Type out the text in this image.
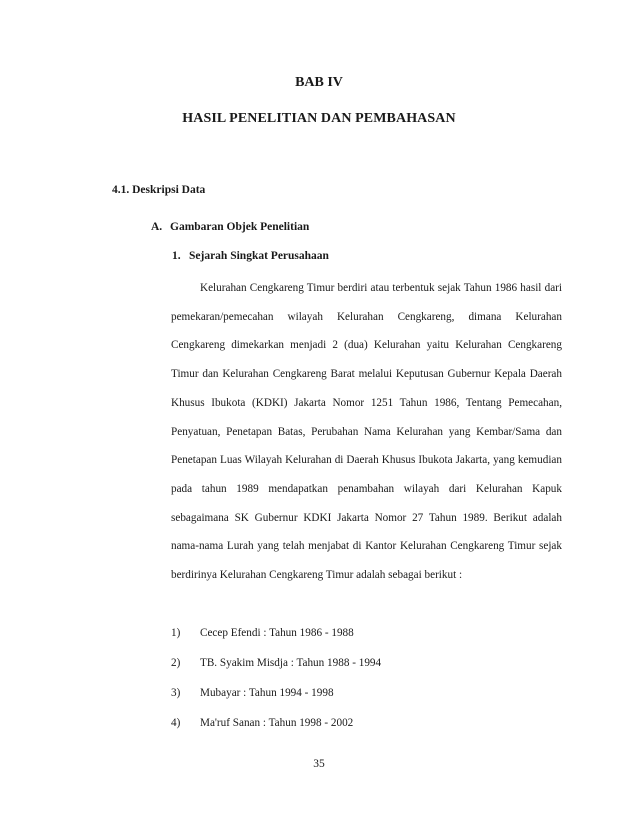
BAB IV
HASIL PENELITIAN DAN PEMBAHASAN
4.1. Deskripsi Data
A. Gambaran Objek Penelitian
1. Sejarah Singkat Perusahaan

Kelurahan Cengkareng Timur berdiri atau terbentuk sejak Tahun 1986 hasil dari pemekaran/pemecahan wilayah Kelurahan Cengkareng, dimana Kelurahan Cengkareng dimekarkan menjadi 2 (dua) Kelurahan yaitu Kelurahan Cengkareng Timur dan Kelurahan Cengkareng Barat melalui Keputusan Gubernur Kepala Daerah Khusus Ibukota (KDKI) Jakarta Nomor 1251 Tahun 1986, Tentang Pemecahan, Penyatuan, Penetapan Batas, Perubahan Nama Kelurahan yang Kembar/Sama dan Penetapan Luas Wilayah Kelurahan di Daerah Khusus Ibukota Jakarta, yang kemudian pada tahun 1989 mendapatkan penambahan wilayah dari Kelurahan Kapuk sebagaimana SK Gubernur KDKI Jakarta Nomor 27 Tahun 1989. Berikut adalah nama-nama Lurah yang telah menjabat di Kantor Kelurahan Cengkareng Timur sejak berdirinya Kelurahan Cengkareng Timur adalah sebagai berikut :

1) Cecep Efendi : Tahun 1986 - 1988
2) TB. Syakim Misdja : Tahun 1988 - 1994
3) Mubayar : Tahun 1994 - 1998
4) Ma'ruf Sanan : Tahun 1998 - 2002
35
